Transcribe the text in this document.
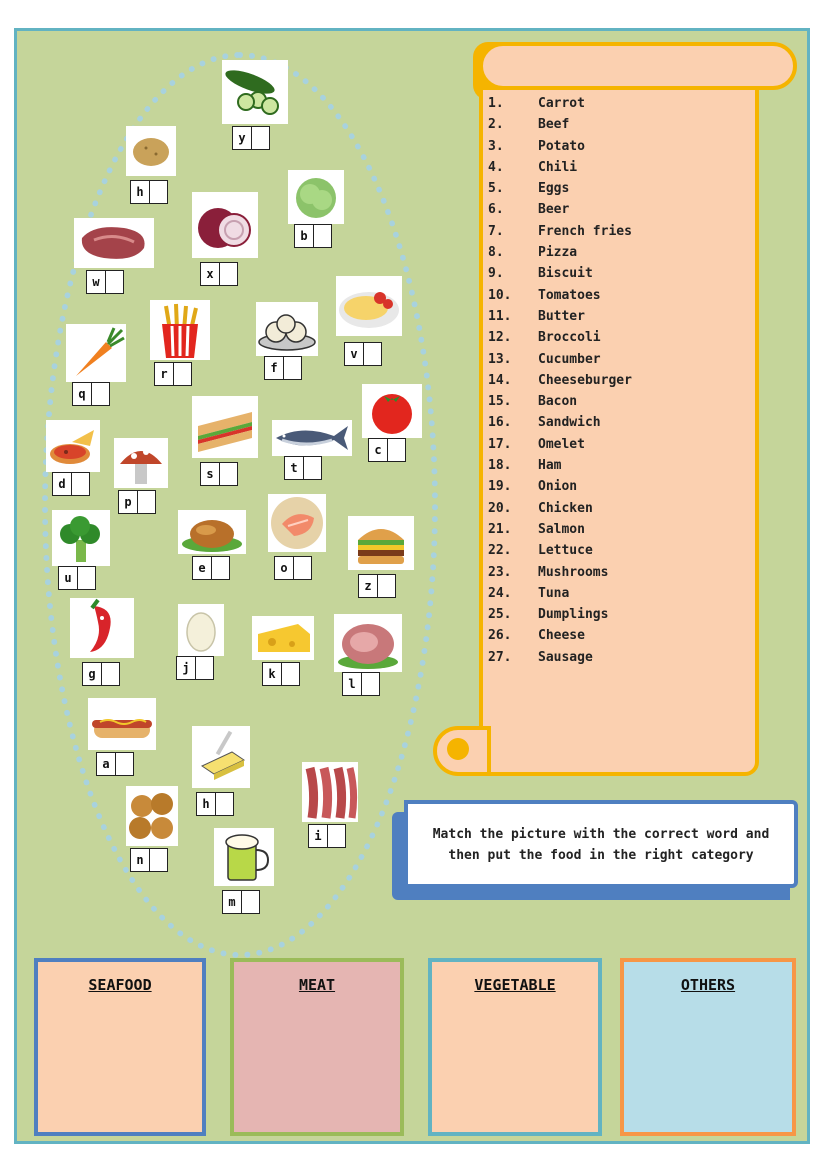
y
h
b
x
w
v
r	f
q
c
s	t
d
p
e	o
z
u
g	j	k
l
a
h
i
n
m
1.	Carrot
2.	Beef
3.	Potato
4.	Chili
5.	Eggs
6.	Beer
7.	French fries
8.	Pizza
9.	Biscuit
10.	Tomatoes
11.	Butter
12.	Broccoli
13.	Cucumber
14.	Cheeseburger
15.	Bacon
16.	Sandwich
17.	Omelet
18.	Ham
19.	Onion
20.	Chicken
21.	Salmon
22.	Lettuce
23.	Mushrooms
24.	Tuna
25.	Dumplings
26.	Cheese
27.	Sausage
Match the picture with the correct word and
then put the food in the right category
SEAFOOD	MEAT	VEGETABLE	OTHERS
